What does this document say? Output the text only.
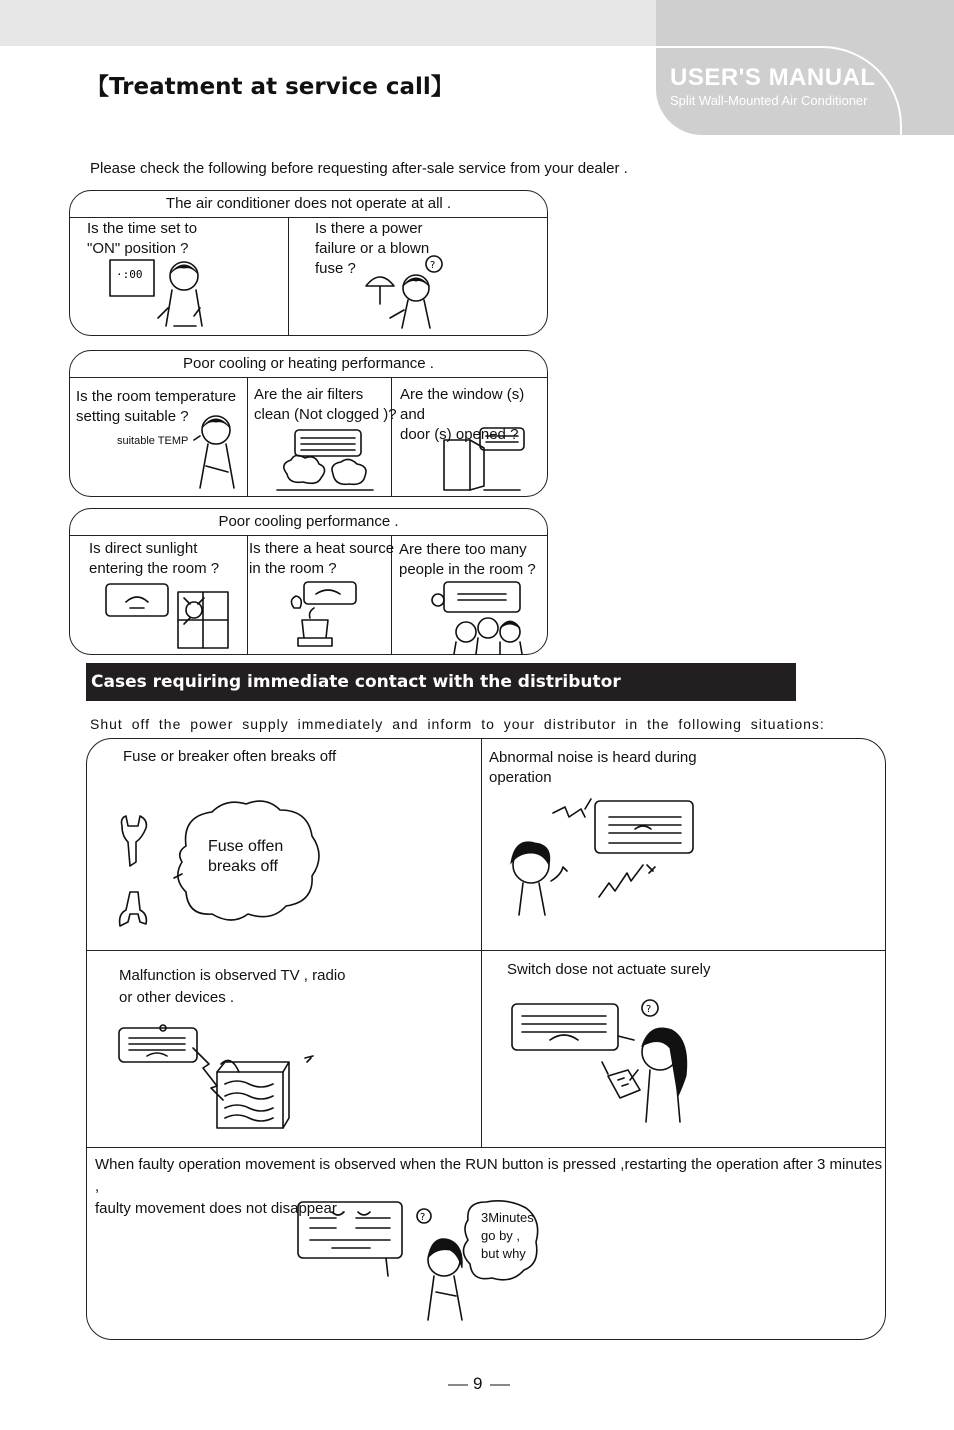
USER'S MANUAL
Split Wall-Mounted Air Conditioner
【Treatment at service call】
Please check the following before requesting after-sale service from your dealer .
The air conditioner does not operate at all .
Is the time set to
"ON" position ?
Is there a power
failure or a blown
fuse ?
·:00
?
Poor cooling or heating performance .
Is the room temperature
setting suitable ?
Are the air filters
clean (Not clogged )?
Are the window (s) and
door (s) opened ?
suitable TEMP
Poor cooling performance .
Is direct sunlight
entering the room ?
Is there a heat source
in the room ?
Are there too many
people in the room ?
Cases requiring immediate contact with the distributor
Shut off the power supply immediately and inform to your distributor in the following situations:
Fuse or breaker often breaks off	Abnormal noise is heard during
operation
Malfunction is observed TV , radio
or other devices .
Switch dose not actuate surely
When faulty operation movement is observed when the RUN button is pressed ,restarting the operation after 3 minutes ,
faulty movement does not disappear .
Fuse offen
breaks off
?
?	3Minutes
go by ,
but why
9
